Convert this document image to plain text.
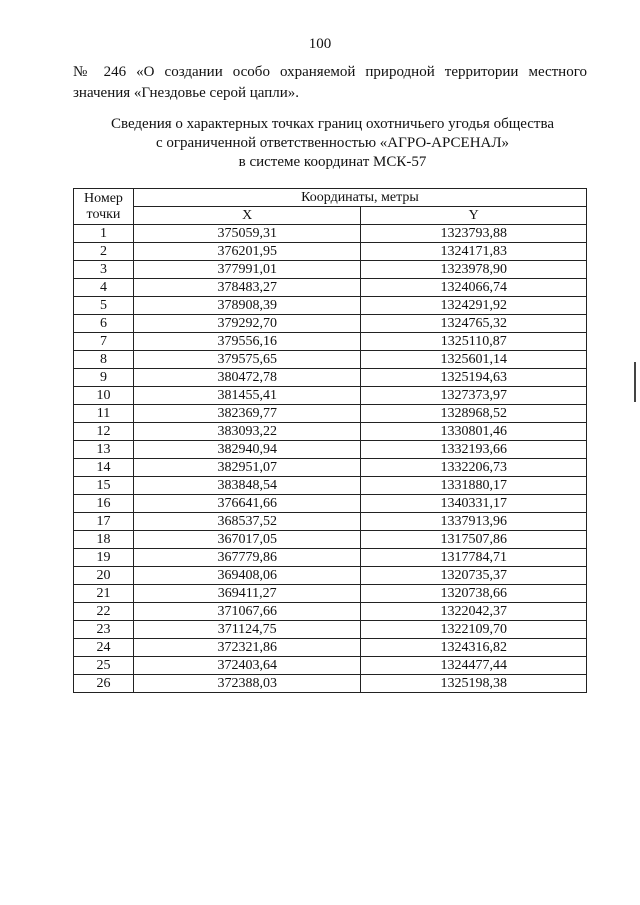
100
№ 246 «О создании особо охраняемой природной территории местного значения «Гнездовье серой цапли».
Сведения о характерных точках границ охотничьего угодья общества
с ограниченной ответственностью «АГРО-АРСЕНАЛ»
в системе координат МСК-57
Номер
точки	Координаты, метры	
	X	Y
1	375059,31	1323793,88
2	376201,95	1324171,83
3	377991,01	1323978,90
4	378483,27	1324066,74
5	378908,39	1324291,92
6	379292,70	1324765,32
7	379556,16	1325110,87
8	379575,65	1325601,14
9	380472,78	1325194,63
10	381455,41	1327373,97
11	382369,77	1328968,52
12	383093,22	1330801,46
13	382940,94	1332193,66
14	382951,07	1332206,73
15	383848,54	1331880,17
16	376641,66	1340331,17
17	368537,52	1337913,96
18	367017,05	1317507,86
19	367779,86	1317784,71
20	369408,06	1320735,37
21	369411,27	1320738,66
22	371067,66	1322042,37
23	371124,75	1322109,70
24	372321,86	1324316,82
25	372403,64	1324477,44
26	372388,03	1325198,38
